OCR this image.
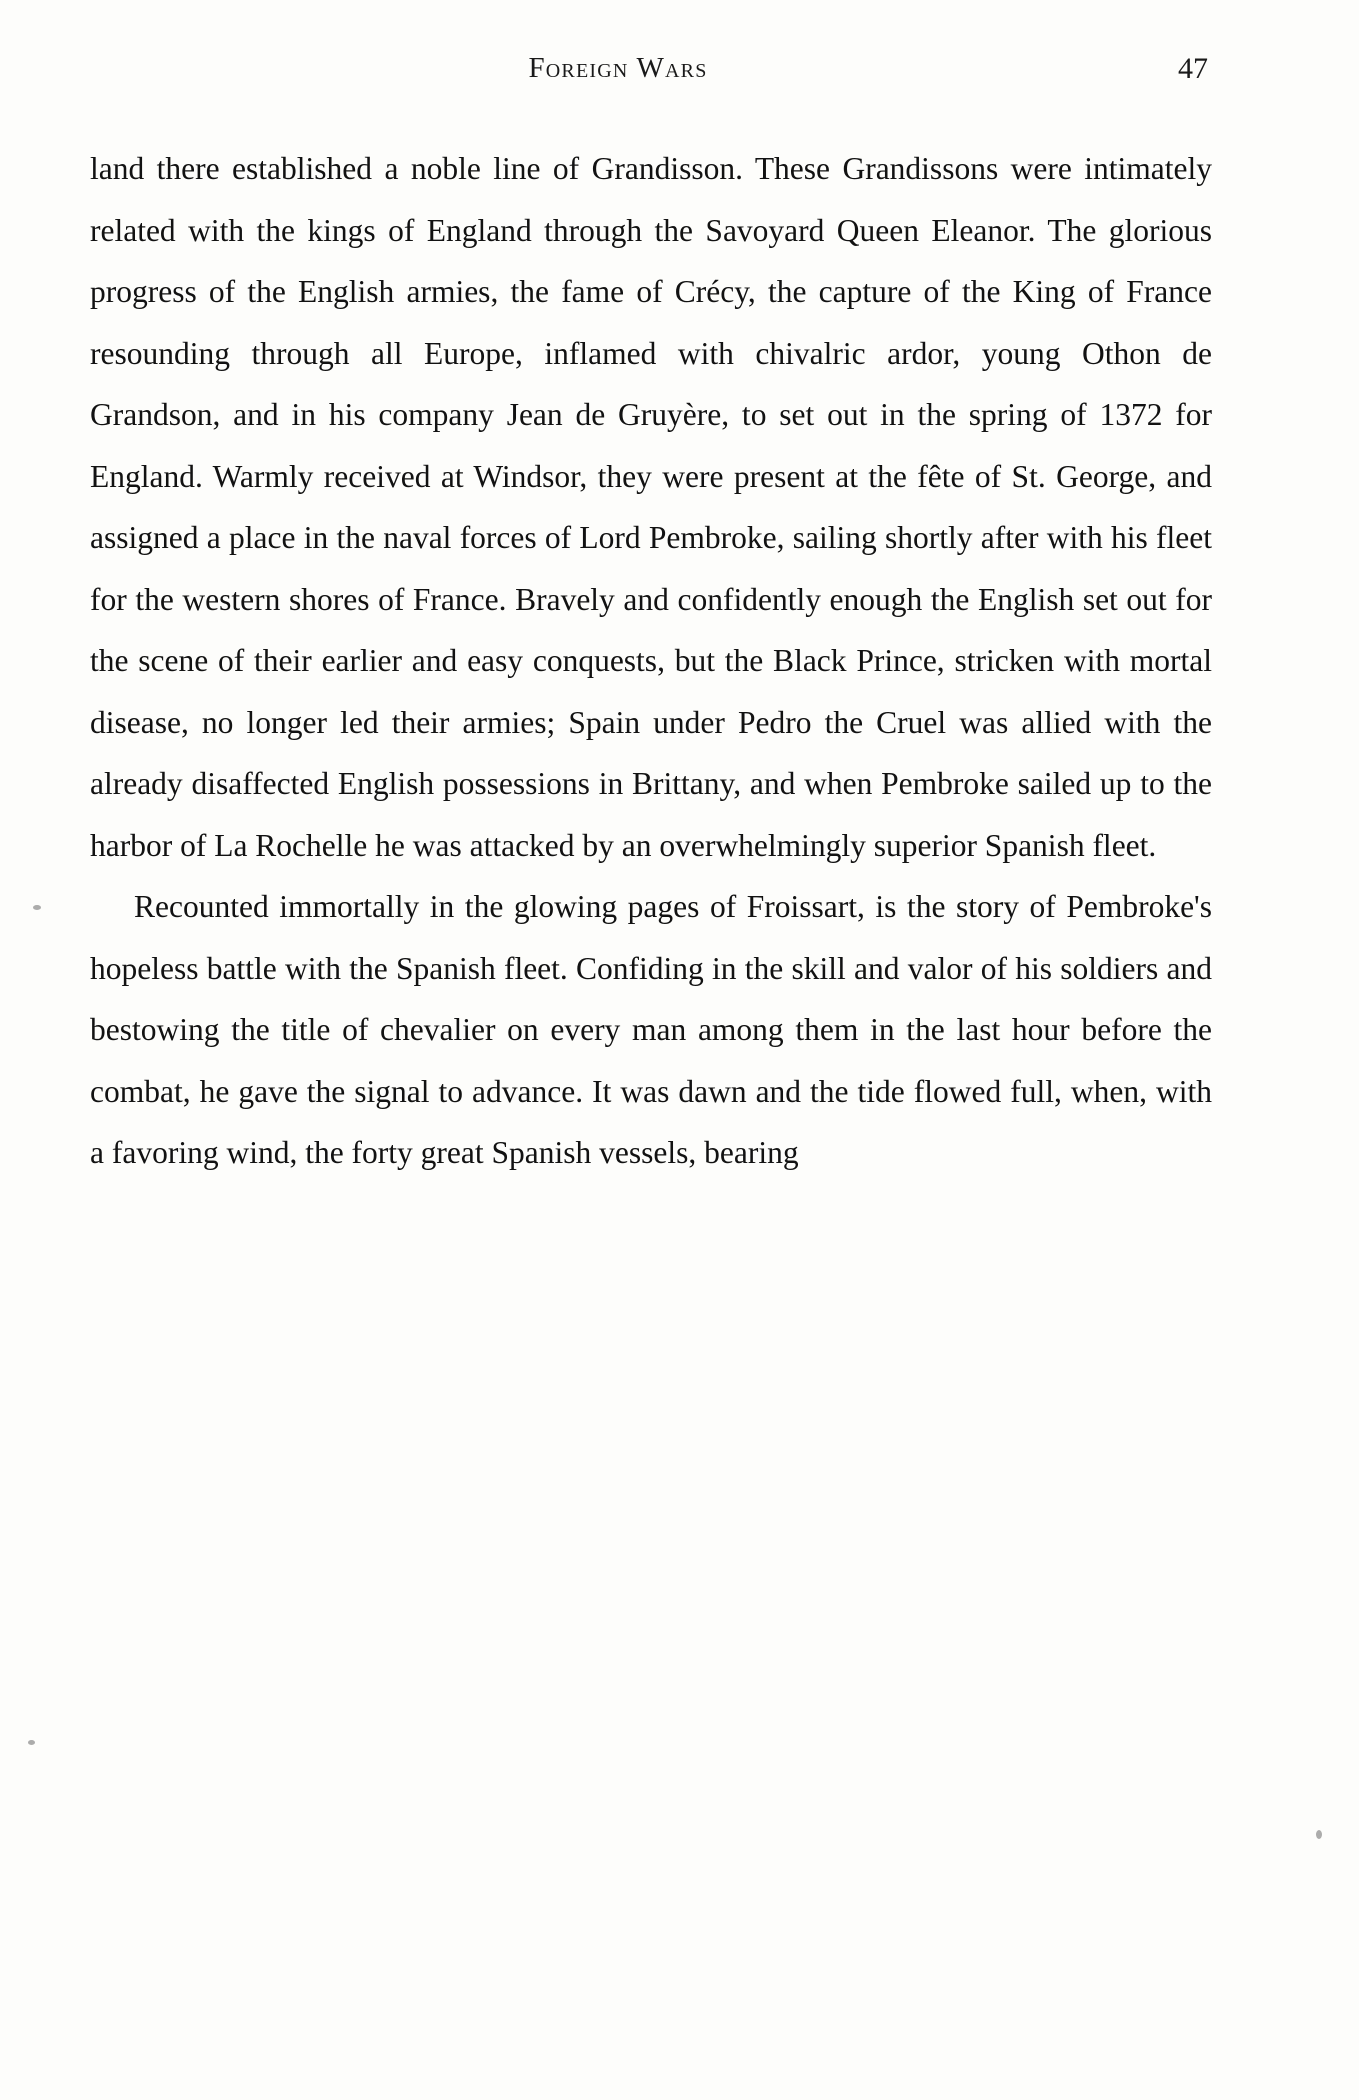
Foreign Wars	47

land there established a noble line of Grandisson. These Grandissons were intimately related with the kings of England through the Savoyard Queen Eleanor. The glorious progress of the English armies, the fame of Crécy, the capture of the King of France resounding through all Europe, inflamed with chivalric ardor, young Othon de Grandson, and in his company Jean de Gruyère, to set out in the spring of 1372 for England. Warmly received at Windsor, they were present at the fête of St. George, and assigned a place in the naval forces of Lord Pembroke, sailing shortly after with his fleet for the western shores of France. Bravely and confidently enough the English set out for the scene of their earlier and easy conquests, but the Black Prince, stricken with mortal disease, no longer led their armies; Spain under Pedro the Cruel was allied with the already disaffected English possessions in Brittany, and when Pembroke sailed up to the harbor of La Rochelle he was attacked by an overwhelmingly superior Spanish fleet.

Recounted immortally in the glowing pages of Froissart, is the story of Pembroke's hopeless battle with the Spanish fleet. Confiding in the skill and valor of his soldiers and bestowing the title of chevalier on every man among them in the last hour before the combat, he gave the signal to advance. It was dawn and the tide flowed full, when, with a favoring wind, the forty great Spanish vessels, bearing
